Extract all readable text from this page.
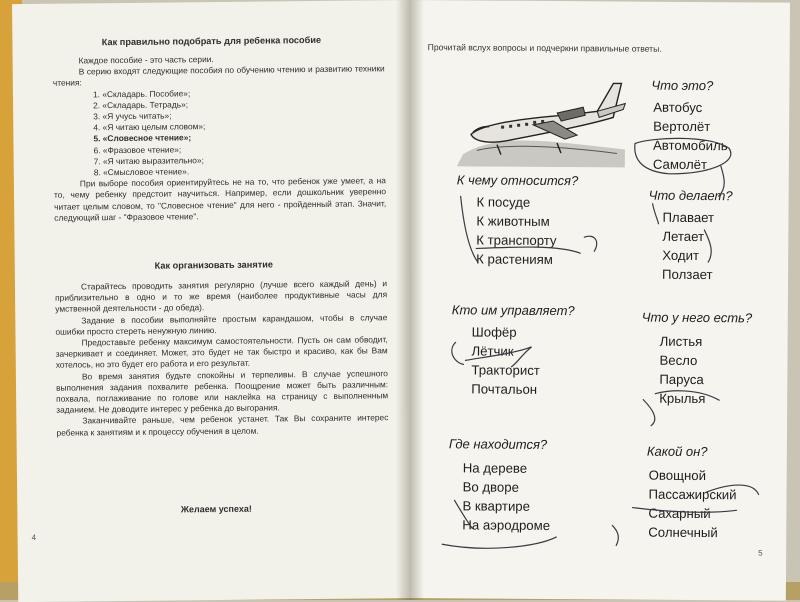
Как правильно подобрать для ребенка пособие

Каждое пособие - это часть серии.

В серию входят следующие пособия по обучению чтению и развитию техники чтения:

1. «Складарь. Пособие»;
2. «Складарь. Тетрадь»;
3. «Я учусь читать»;
4. «Я читаю целым словом»;
5. «Словесное чтение»;
6. «Фразовое чтение»;
7. «Я читаю выразительно»;
8. «Смысловое чтение».

При выборе пособия ориентируйтесь не на то, что ребенок уже умеет, а на то, чему ребенку предстоит научиться. Например, если дошкольник уверенно читает целым словом, то "Словесное чтение" для него - пройденный этап. Значит, следующий шаг - "Фразовое чтение".

Как организовать занятие

Старайтесь проводить занятия регулярно (лучше всего каждый день) и приблизительно в одно и то же время (наиболее продуктивные часы для умственной деятельности - до обеда).

Задание в пособии выполняйте простым карандашом, чтобы в случае ошибки просто стереть ненужную линию.

Предоставьте ребенку максимум самостоятельности. Пусть он сам обводит, зачеркивает и соединяет. Может, это будет не так быстро и красиво, как бы Вам хотелось, но это будет его работа и его результат.

Во время занятия будьте спокойны и терпеливы. В случае успешного выполнения задания похвалите ребенка. Поощрение может быть различным: похвала, поглаживание по голове или наклейка на страницу с выполненным заданием. Не доводите интерес у ребенка до выгорания.

Заканчивайте раньше, чем ребенок устанет. Так Вы сохраните интерес ребенка к занятиям и к процессу обучения в целом.

Желаем успеха!
4
Прочитай вслух вопросы и подчеркни правильные ответы.
Что это?
Автобус
Вертолёт
Автомобиль
Самолёт
К чему относится?
К посуде
К животным
К транспорту
К растениям
Что делает?
Плавает
Летает
Ходит
Ползает
Кто им управляет?
Шофёр
Лётчик
Тракторист
Почтальон
Что у него есть?
Листья
Весло
Паруса
Крылья
Где находится?
На дереве
Во дворе
В квартире
На аэродроме
Какой он?
Овощной
Пассажирский
Сахарный
Солнечный
5
